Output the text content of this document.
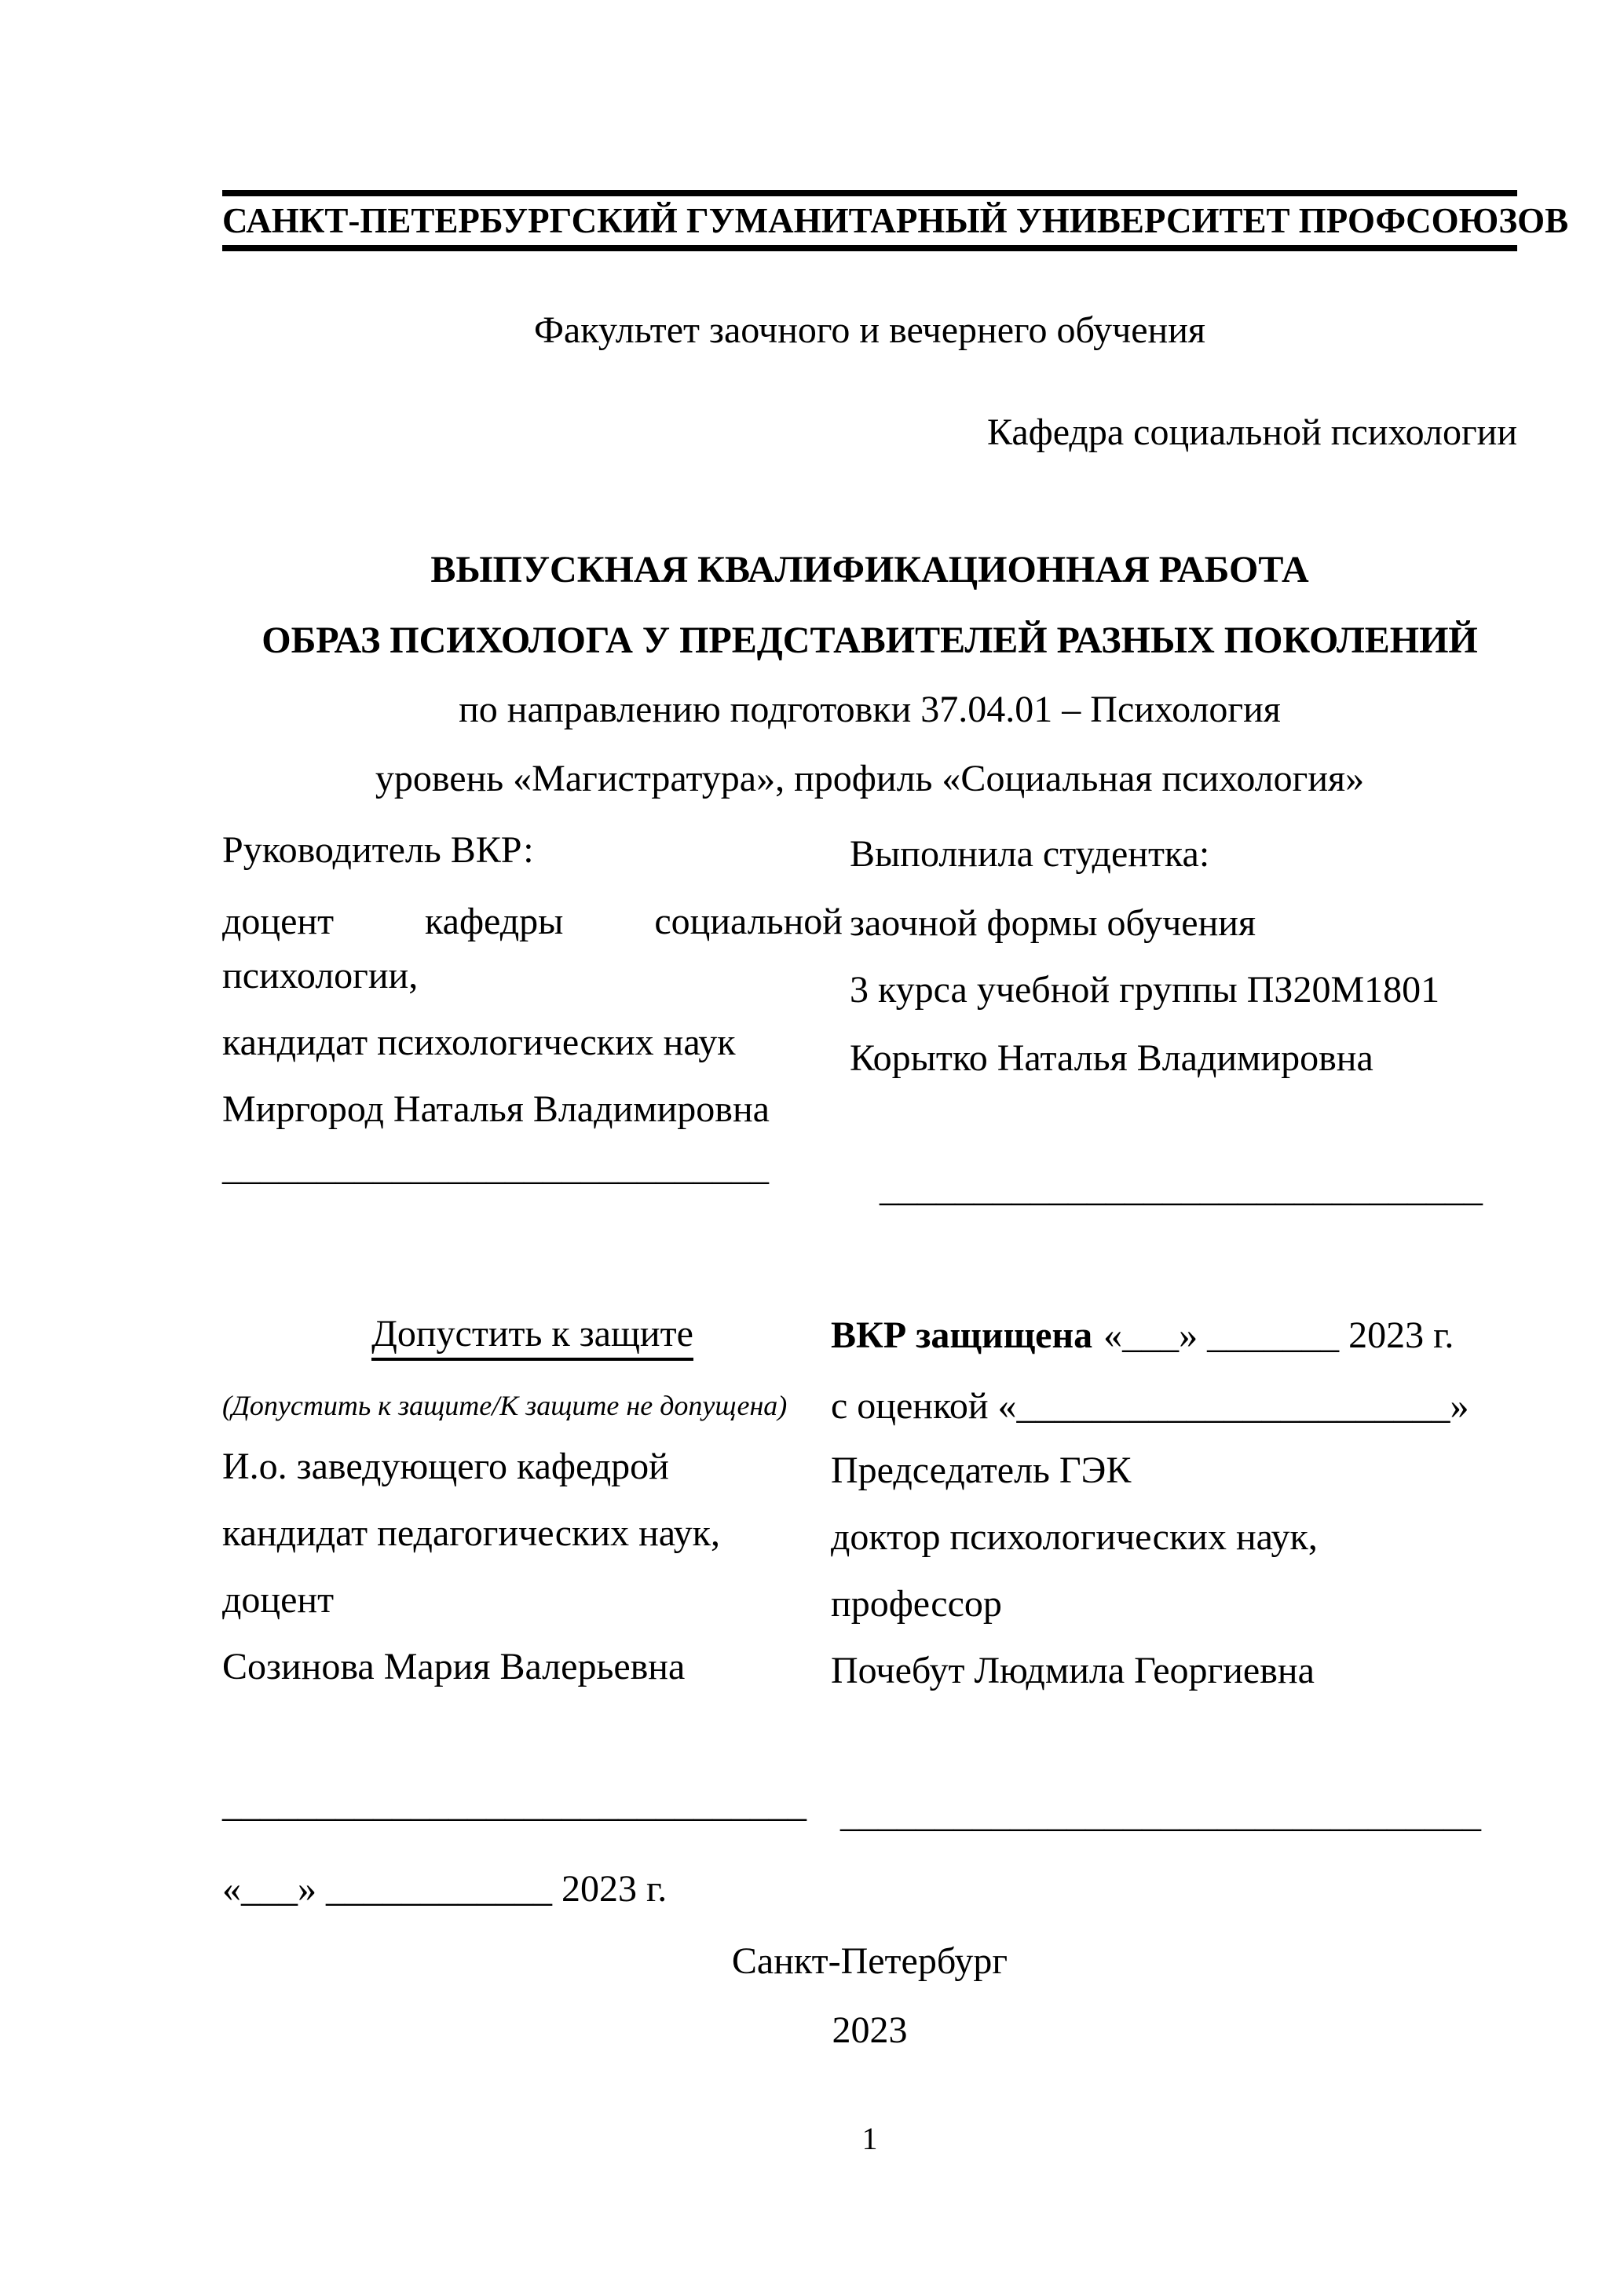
САНКТ-ПЕТЕРБУРГСКИЙ ГУМАНИТАРНЫЙ УНИВЕРСИТЕТ ПРОФСОЮЗОВ
Факультет заочного и вечернего обучения
Кафедра социальной психологии
ВЫПУСКНАЯ КВАЛИФИКАЦИОННАЯ РАБОТА
ОБРАЗ ПСИХОЛОГА У ПРЕДСТАВИТЕЛЕЙ РАЗНЫХ ПОКОЛЕНИЙ
по направлению подготовки 37.04.01 – Психология
уровень «Магистратура», профиль «Социальная психология»
Руководитель ВКР:
доцент кафедры социальной
психологии,
кандидат психологических наук
Миргород Наталья Владимировна
_____________________________
Выполнила студентка:
заочной формы обучения
3 курса учебной группы ПЗ20М1801
Корытко Наталья Владимировна
________________________________
Допустить к защите
(Допустить к защите/К защите не допущена)
И.о. заведующего кафедрой
кандидат педагогических наук,
доцент
Созинова Мария Валерьевна
_______________________________
«___» ____________ 2023 г.
ВКР защищена «___» _______ 2023 г.
с оценкой «_______________________»
Председатель ГЭК
доктор психологических наук,
профессор
Почебут Людмила Георгиевна
__________________________________
Санкт-Петербург
2023
1
